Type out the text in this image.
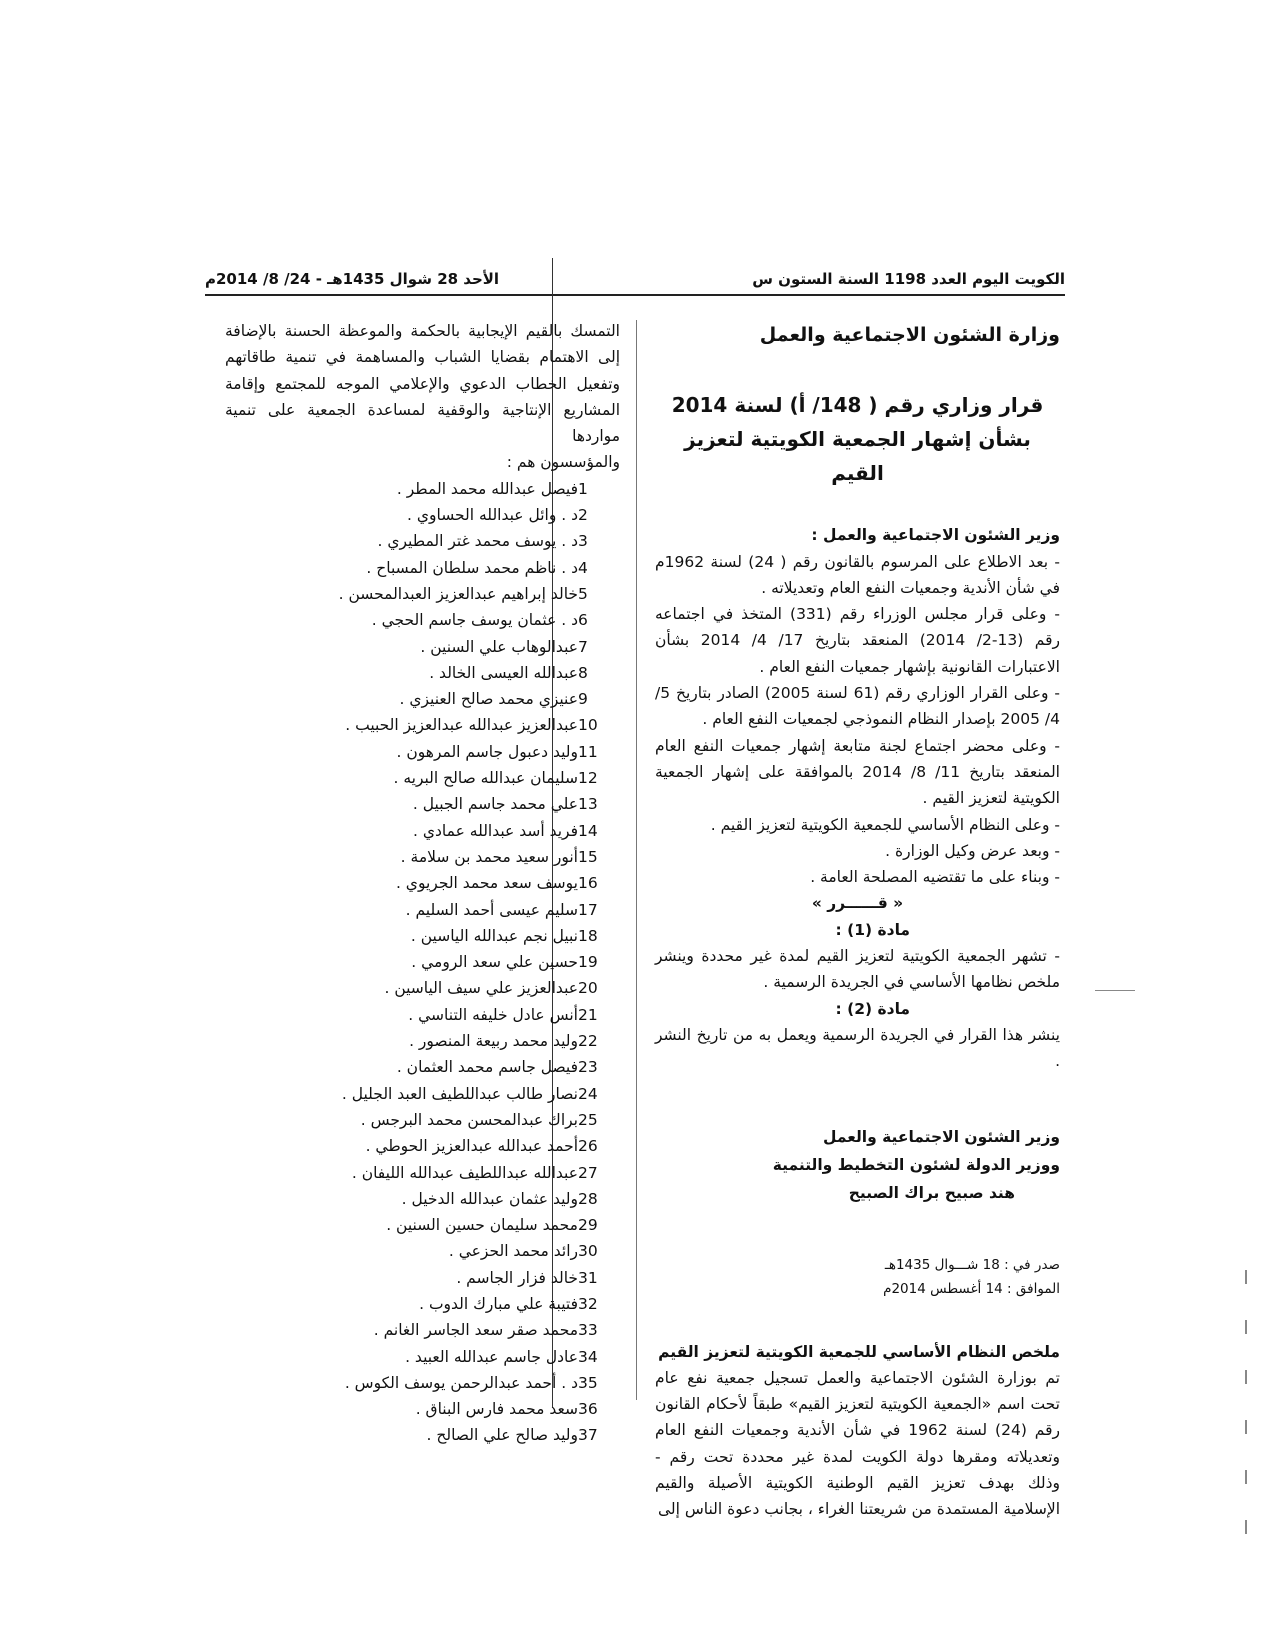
الكويت اليوم العدد 1198 السنة الستون س
الأحد 28 شوال 1435هـ - 24/ 8/ 2014م
وزارة الشئون الاجتماعية والعمل
قرار وزاري رقم ( 148/ أ) لسنة 2014
بشأن إشهار الجمعية الكويتية لتعزيز القيم
وزير الشئون الاجتماعية والعمل :

- بعد الاطلاع على المرسوم بالقانون رقم ( 24) لسنة 1962م في شأن الأندية وجمعيات النفع العام وتعديلاته .

- وعلى قرار مجلس الوزراء رقم (331) المتخذ في اجتماعه رقم (13-2/ 2014) المنعقد بتاريخ 17/ 4/ 2014 بشأن الاعتبارات القانونية بإشهار جمعيات النفع العام .

- وعلى القرار الوزاري رقم (61 لسنة 2005) الصادر بتاريخ 5/ 4/ 2005 بإصدار النظام النموذجي لجمعيات النفع العام .

- وعلى محضر اجتماع لجنة متابعة إشهار جمعيات النفع العام المنعقد بتاريخ 11/ 8/ 2014 بالموافقة على إشهار الجمعية الكويتية لتعزيز القيم .

- وعلى النظام الأساسي للجمعية الكويتية لتعزيز القيم .

- وبعد عرض وكيل الوزارة .

- وبناء على ما تقتضيه المصلحة العامة .

« قــــــرر »
مادة (1) :

- تشهر الجمعية الكويتية لتعزيز القيم لمدة غير محددة وينشر ملخص نظامها الأساسي في الجريدة الرسمية .

مادة (2) :

ينشر هذا القرار في الجريدة الرسمية ويعمل به من تاريخ النشر .

وزير الشئون الاجتماعية والعمل
ووزير الدولة لشئون التخطيط والتنمية
هند صبيح براك الصبيح
صدر في : 18 شـــوال 1435هـ
الموافق : 14 أغسطس 2014م
ملخص النظام الأساسي للجمعية الكويتية لتعزيز القيم

تم بوزارة الشئون الاجتماعية والعمل تسجيل جمعية نفع عام تحت اسم «الجمعية الكويتية لتعزيز القيم» طبقاً لأحكام القانون رقم (24) لسنة 1962 في شأن الأندية وجمعيات النفع العام وتعديلاته ومقرها دولة الكويت لمدة غير محددة تحت رقم - وذلك بهدف تعزيز القيم الوطنية الكويتية الأصيلة والقيم الإسلامية المستمدة من شريعتنا الغراء ، بجانب دعوة الناس إلى

التمسك بالقيم الإيجابية بالحكمة والموعظة الحسنة بالإضافة إلى الاهتمام بقضايا الشباب والمساهمة في تنمية طاقاتهم وتفعيل الخطاب الدعوي والإعلامي الموجه للمجتمع وإقامة المشاريع الإنتاجية والوقفية لمساعدة الجمعية على تنمية مواردها

والمؤسسون هم :
1فيصل عبدالله محمد المطر .
2د . وائل عبدالله الحساوي .
3د . يوسف محمد غتر المطيري .
4د . ناظم محمد سلطان المسباح .
5خالد إبراهيم عبدالعزيز العبدالمحسن .
6د . عثمان يوسف جاسم الحجي .
7عبدالوهاب علي السنين .
8عبدالله العيسى الخالد .
9عنيزي محمد صالح العنيزي .
10عبدالعزيز عبدالله عبدالعزيز الحبيب .
11وليد دعبول جاسم المرهون .
12سليمان عبدالله صالح البريه .
13علي محمد جاسم الجبيل .
14فريد أسد عبدالله عمادي .
15أنور سعيد محمد بن سلامة .
16يوسف سعد محمد الجريوي .
17سليم عيسى أحمد السليم .
18نبيل نجم عبدالله الياسين .
19حسين علي سعد الرومي .
20عبدالعزيز علي سيف الياسين .
21أنس عادل خليفه التناسي .
22وليد محمد ربيعة المنصور .
23فيصل جاسم محمد العثمان .
24نصار طالب عبداللطيف العبد الجليل .
25براك عبدالمحسن محمد البرجس .
26أحمد عبدالله عبدالعزيز الحوطي .
27عبدالله عبداللطيف عبدالله الليفان .
28وليد عثمان عبدالله الدخيل .
29محمد سليمان حسين السنين .
30رائد محمد الحزعي .
31خالد فزار الجاسم .
32فتيبة علي مبارك الدوب .
33محمد صقر سعد الجاسر الغانم .
34عادل جاسم عبدالله العبيد .
35د . أحمد عبدالرحمن يوسف الكوس .
36سعد محمد فارس البناق .
37وليد صالح علي الصالح .
